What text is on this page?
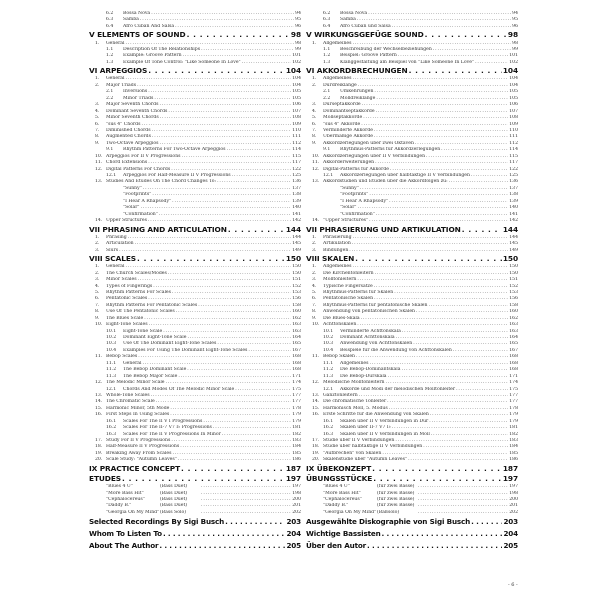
6.2	Bossa Nova . . .	94
6.3	Samba . . .	95
6.4	Afro Cuban And Salsa . . .	96
V ELEMENTS OF SOUND . . .	98
1.	General . . .	98
1.1	Description Of The Relationships . . .	99
1.2	Example: Groove Pattern . . .	101
1.3	Example Of Tone Control: "Like Someone In Love" . . .	102
VI ARPEGGIOS . . .	104
1.	General . . .	104
2.	Major Triads . . .	104
2.1	Inversions . . .	105
2.2	Minor Triads . . .	105
3.	Major Seventh Chords . . .	106
4.	Dominant Seventh Chords . . .	107
5.	Minor Seventh Chords . . .	108
6.	"sus 4" Chords . . .	109
7.	Diminished Chords . . .	110
8.	Augmented Chords . . .	111
9.	Two-Octave Arpeggios . . .	112
9.1	Rhythm Patterns For Two-Octave Arpeggios . . .	114
10. Arpeggios For II V Progressions . . .	115
11. Chord Extensions . . .	117
12. Digital Patterns For Chords . . .	122
12.1	Arpeggios For Half-Measure II V Progressions . . .	125
13. Studies And Etudes On The Chord Changes To: . . .	136
"Sunny" . . .	137
"Footprints" . . .	138
"I Hear A Rhapsody" . . .	139
"Solar" . . .	140
"Confirmation" . . .	141
14. Upper Structures . . .	142
VII PHRASING AND ARTICULATION . . .	144
1.	Phrasing . . .	144
2.	Articulation . . .	145
3.	Slurs . . .	149
VIII SCALES . . .	150
1.	General . . .	150
2.	The Church Scales/Modes . . .	150
3.	Minor Scales . . .	151
4.	Types of Fingerings . . .	152
5.	Rhythm Patterns For Scales . . .	153
6.	Pentatonic Scales . . .	156
7.	Rhythm Patterns For Pentatonic Scales . . .	158
8.	Use Of The Pentatonic Scales . . .	160
9.	The Blues Scale . . .	162
10. Eight-Tone Scales . . .	163
10.1	Eight-Tone Scale . . .	163
10.2	Dominant Eight-Tone Scale . . .	164
10.3	Use Of The Dominant Eight-Tone Scales . . .	165
10.4	Examples For Using The Dominant Eight-Tone Scales . . .	167
11. Bebop Scales . . .	168
11.1	General . . .	168
11.2	The Bebop Dominant Scale . . .	168
11.3	The Bebop Major Scale . . .	171
12. The Melodic Minor Scale . . .	174
12.1	Chords And Modes Of The Melodic Minor Scale . . .	175
13. Whole-Tone Scales . . .	177
14. The Chromatic Scale . . .	177
15. Harmonic Minor, 5th Mode . . .	178
16. First Steps In Using Scales . . .	179
16.1	Scales For The II V I Progressions . . .	179
16.2	Scales For The II-7 V7 I♭ Progressions . . .	181
16.3	Scales For The II V Progressions In Minor . . .	182
17. Study For II V Progressions . . .	183
18. Half-Measure II V Progressions . . .	184
19. Breaking Away From Scales . . .	185
20. Scale Study: "Autumn Leaves" . . .	186
IX PRACTICE CONCEPT . . .	187
ETUDES . . .	197
"Blues 4 U"	(Bass Duet) . . .	197
"More Bass Hit"	(Bass Duet) . . .	198
"Cephalocereus"	(Bass Duet) . . .	200
"Daddy B."	(Bass Duet) . . .	201
"Georgia On My Mind" (Bass Solo) . . .	202
Selected Recordings By Sigi Busch . . .	203
Whom To Listen To . . .	204
About The Author . . .	205
6.2	Bossa Nova . . .	94
6.3	Samba . . .	95
6.4	Afro Cuban und Salsa . . .	96
V WIRKUNGSGEFÜGE SOUND . . .	98
1.	Allgemeines . . .	98
1.1	Beschreibung der Wechselbeziehungen . . .	99
1.2	Beispiel: Groove Pattern . . .	101
1.3	Klanggestaltung am Beispiel von "Like Someone In Love" . . .	102
VI AKKORDBRECHUNGEN . . .	104
1.	Allgemeines . . .	104
2.	Durdreiklänge . . .	104
2.1	Umkehrungen . . .	105
2.2	Molldreiklänge . . .	105
3.	Durseptakkorde . . .	106
4.	Dominantseptakkorde . . .	107
5.	Mollseptakkorde . . .	108
6.	"sus 4" Akkorde . . .	109
7.	Verminderte Akkorde . . .	110
8.	Übermäßige Akkorde . . .	111
9.	Akkordzerlegungen über zwei Oktaven . . .	112
9.1	Rhythmus-Patterns für Akkordzerlegungen . . .	114
10. Akkordzerlegungen über II V Verbindungen . . .	115
11. Akkorderweiterungen . . .	117
12. Digital-Patterns für Akkorde . . .	122
12.1	Akkordzerlegungen über halbtaktige II V Verbindungen . . .	125
13. Akkordstudien und Etüden über die Akkordfolgen zu: . . .	136
"Sunny" . . .	137
"Footprints" . . .	138
"I Hear A Rhapsody" . . .	139
"Solar" . . .	140
"Confirmation" . . .	141
14. "Upper Structures" . . .	142
VII PHRASIERUNG UND ARTIKULATION . . .	144
1.	Phrasierung . . .	144
2.	Artikulation . . .	145
3.	Bindungen . . .	149
VIII SKALEN . . .	150
1.	Allgemeines . . .	150
2.	Die Kirchentonleitern . . .	150
3.	Molltonleitern . . .	151
4.	Typische Fingersätze . . .	152
5.	Rhythmus-Patterns für Skalen . . .	153
6.	Pentatonische Skalen . . .	156
7.	Rhythmus-Patterns für pentatonische Skalen . . .	158
8.	Anwendung von pentatonischen Skalen . . .	160
9.	Die Blues-Skala . . .	162
10. Achttonskalen . . .	163
10.1	Verminderte Achttonskala . . .	163
10.2	Dominant Achttonskala . . .	164
10.3	Anwendung von Achttonskalen . . .	165
10.4	Beispiele für die Anwendung von Achttonskalen . . .	167
11. Bebop Skalen . . .	168
11.1	Allgemeines . . .	168
11.2	Die Bebop-Dominantskala . . .	168
11.3	Die Bebop-Durskala . . .	171
12. Melodische Molltonleitern . . .	174
12.1	Akkorde und Modi der melodischen Molltonleiter . . .	175
13. Ganztonleitern . . .	177
14. Die chromatische Tonleiter . . .	177
15. Harmonisch Moll, 5. Modus . . .	178
16. Erste Schritte für die Anwendung von Skalen . . .	179
16.1	Skalen über II V Verbindungen in Dur . . .	179
16.2	Skalen über II-7 V7 I♭ . . .	181
16.3	Skalen über II V Verbindungen in Moll . . .	182
17. Studie über II V Verbindungen . . .	183
18. Studie über halbtaktige II V Verbindungen . . .	184
19. "Aufbrechen" von Skalen . . .	185
20. Skalenstudie über "Autumn Leaves" . . .	186
IX ÜBEKONZEPT . . .	187
ÜBUNGSSTÜCKE . . .	197
"Blues 4 U"	(für zwei Bässe) . . .	197
"More Bass Hit"	(für zwei Bässe) . . .	198
"Cephalocereus"	(für zwei Bässe) . . .	200
"Daddy B."	(für zwei Bässe) . . .	201
"Georgia On My Mind" (Baßsolo) . . .	202
Ausgewählte Diskographie von Sigi Busch . . .	203
Wichtige Bassisten . . .	204
Über den Autor . . .	205
- 6 -
